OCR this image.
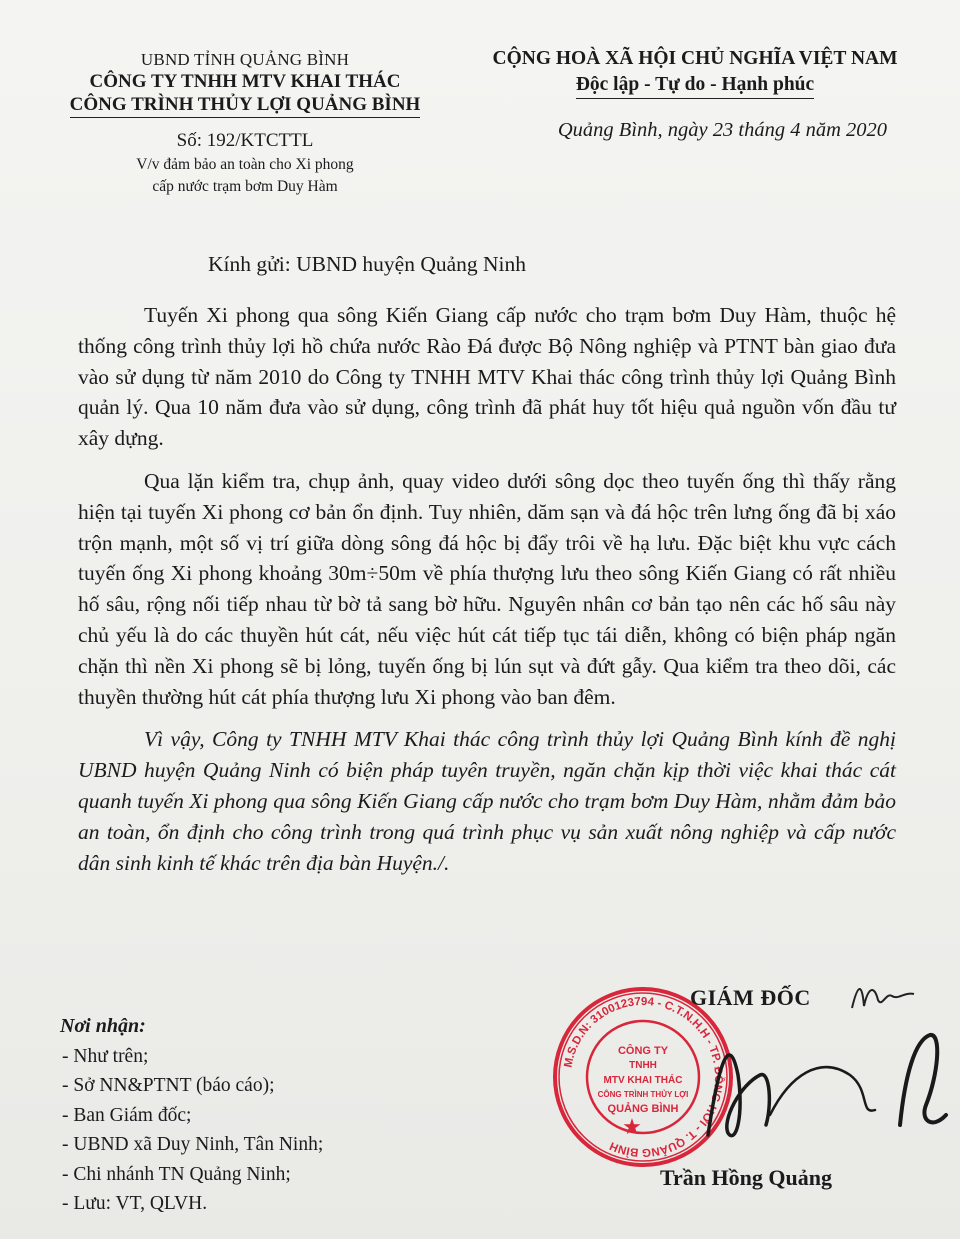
UBND TỈNH QUẢNG BÌNH
CÔNG TY TNHH MTV KHAI THÁC
CÔNG TRÌNH THỦY LỢI QUẢNG BÌNH
Số: 192/KTCTTL
V/v đảm bảo an toàn cho Xi phong
cấp nước trạm bơm Duy Hàm
CỘNG HOÀ XÃ HỘI CHỦ NGHĨA VIỆT NAM
Độc lập - Tự do - Hạnh phúc
Quảng Bình, ngày 23 tháng 4 năm 2020
Kính gửi: UBND huyện Quảng Ninh

Tuyến Xi phong qua sông Kiến Giang cấp nước cho trạm bơm Duy Hàm, thuộc hệ thống công trình thủy lợi hồ chứa nước Rào Đá được Bộ Nông nghiệp và PTNT bàn giao đưa vào sử dụng từ năm 2010 do Công ty TNHH MTV Khai thác công trình thủy lợi Quảng Bình quản lý. Qua 10 năm đưa vào sử dụng, công trình đã phát huy tốt hiệu quả nguồn vốn đầu tư xây dựng.

Qua lặn kiểm tra, chụp ảnh, quay video dưới sông dọc theo tuyến ống thì thấy rằng hiện tại tuyến Xi phong cơ bản ổn định. Tuy nhiên, dăm sạn và đá hộc trên lưng ống đã bị xáo trộn mạnh, một số vị trí giữa dòng sông đá hộc bị đẩy trôi về hạ lưu. Đặc biệt khu vực cách tuyến ống Xi phong khoảng 30m÷50m về phía thượng lưu theo sông Kiến Giang có rất nhiều hố sâu, rộng nối tiếp nhau từ bờ tả sang bờ hữu. Nguyên nhân cơ bản tạo nên các hố sâu này chủ yếu là do các thuyền hút cát, nếu việc hút cát tiếp tục tái diễn, không có biện pháp ngăn chặn thì nền Xi phong sẽ bị lỏng, tuyến ống bị lún sụt và đứt gẫy. Qua kiểm tra theo dõi, các thuyền thường hút cát phía thượng lưu Xi phong vào ban đêm.

Vì vậy, Công ty TNHH MTV Khai thác công trình thủy lợi Quảng Bình kính đề nghị UBND huyện Quảng Ninh có biện pháp tuyên truyền, ngăn chặn kịp thời việc khai thác cát quanh tuyến Xi phong qua sông Kiến Giang cấp nước cho trạm bơm Duy Hàm, nhằm đảm bảo an toàn, ổn định cho công trình trong quá trình phục vụ sản xuất nông nghiệp và cấp nước dân sinh kinh tế khác trên địa bàn Huyện./.

Nơi nhận:
- Như trên;
- Sở NN&PTNT (báo cáo);
- Ban Giám đốc;
- UBND xã Duy Ninh, Tân Ninh;
- Chi nhánh TN Quảng Ninh;
- Lưu: VT, QLVH.
M.S.D.N: 3100123794 - C.T.N.H.H - TP. ĐỒNG HỚI - T. QUẢNG BÌNH
CÔNG TY
TNHH
MTV KHAI THÁC
CÔNG TRÌNH THỦY LỢI
QUẢNG BÌNH
★
GIÁM ĐỐC
Trần Hồng Quảng
